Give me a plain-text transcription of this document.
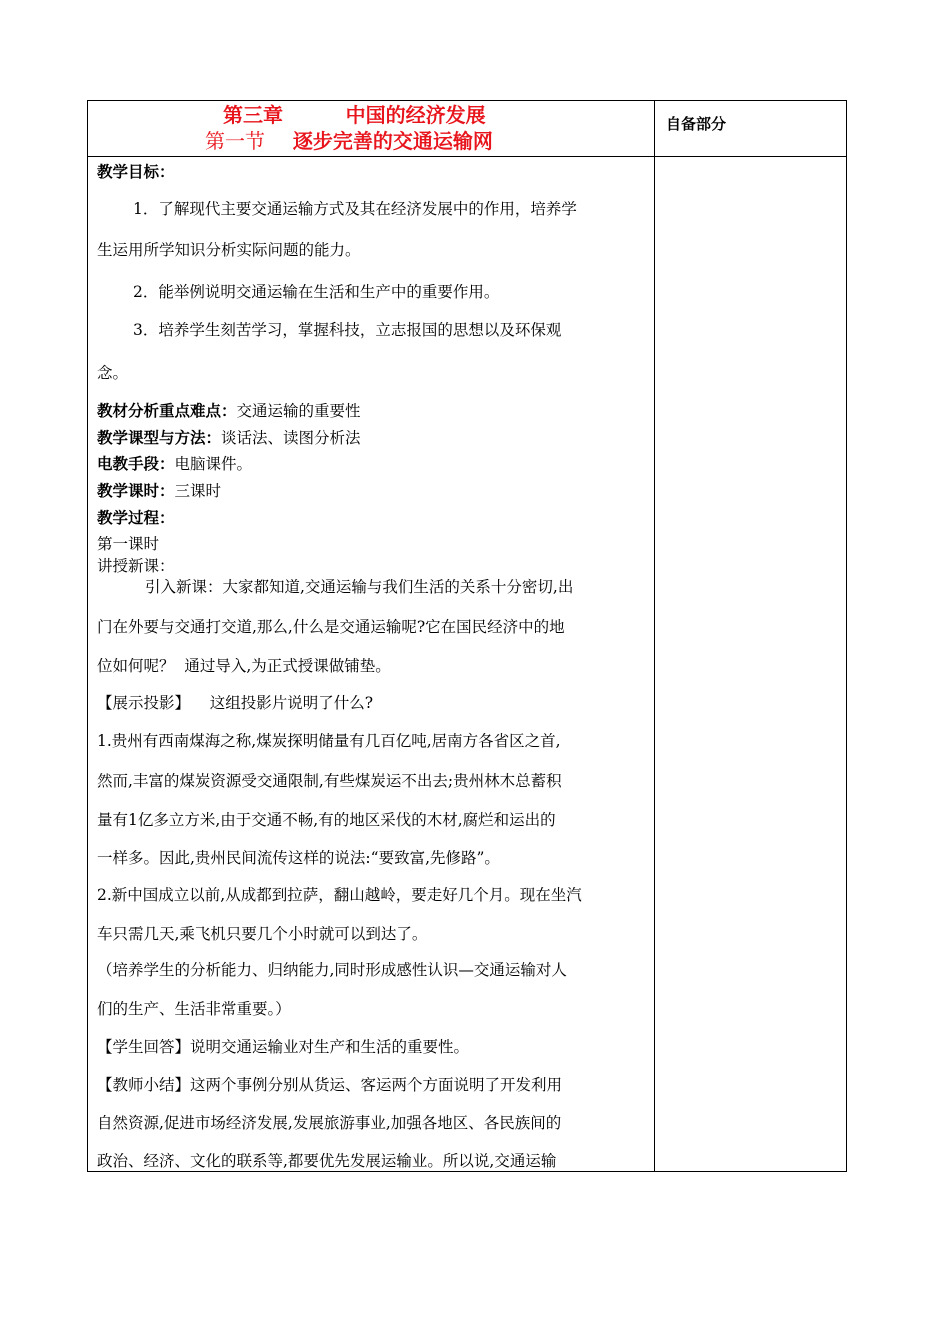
第三章         中国的经济发展
第一节    逐步完善的交通运输网
自备部分
教学目标：
1．了解现代主要交通运输方式及其在经济发展中的作用，培养学
生运用所学知识分析实际问题的能力。
2．能举例说明交通运输在生活和生产中的重要作用。
3．培养学生刻苦学习，掌握科技，立志报国的思想以及环保观
念。
教材分析重点难点：交通运输的重要性
教学课型与方法：谈话法、读图分析法
电教手段：电脑课件。
教学课时：三课时
教学过程：
第一课时
讲授新课：
引入新课：大家都知道,交通运输与我们生活的关系十分密切,出
门在外要与交通打交道,那么,什么是交通运输呢?它在国民经济中的地
位如何呢？  通过导入,为正式授课做铺垫。
【展示投影】    这组投影片说明了什么?
1.贵州有西南煤海之称,煤炭探明储量有几百亿吨,居南方各省区之首,
然而,丰富的煤炭资源受交通限制,有些煤炭运不出去;贵州林木总蓄积
量有1亿多立方米,由于交通不畅,有的地区采伐的木材,腐烂和运出的
一样多。因此,贵州民间流传这样的说法:“要致富,先修路”。
2.新中国成立以前,从成都到拉萨，翻山越岭，要走好几个月。现在坐汽
车只需几天,乘飞机只要几个小时就可以到达了。
（培养学生的分析能力、归纳能力,同时形成感性认识—交通运输对人
们的生产、生活非常重要。）
【学生回答】说明交通运输业对生产和生活的重要性。
【教师小结】这两个事例分别从货运、客运两个方面说明了开发利用
自然资源,促进市场经济发展,发展旅游事业,加强各地区、各民族间的
政治、经济、文化的联系等,都要优先发展运输业。所以说,交通运输
